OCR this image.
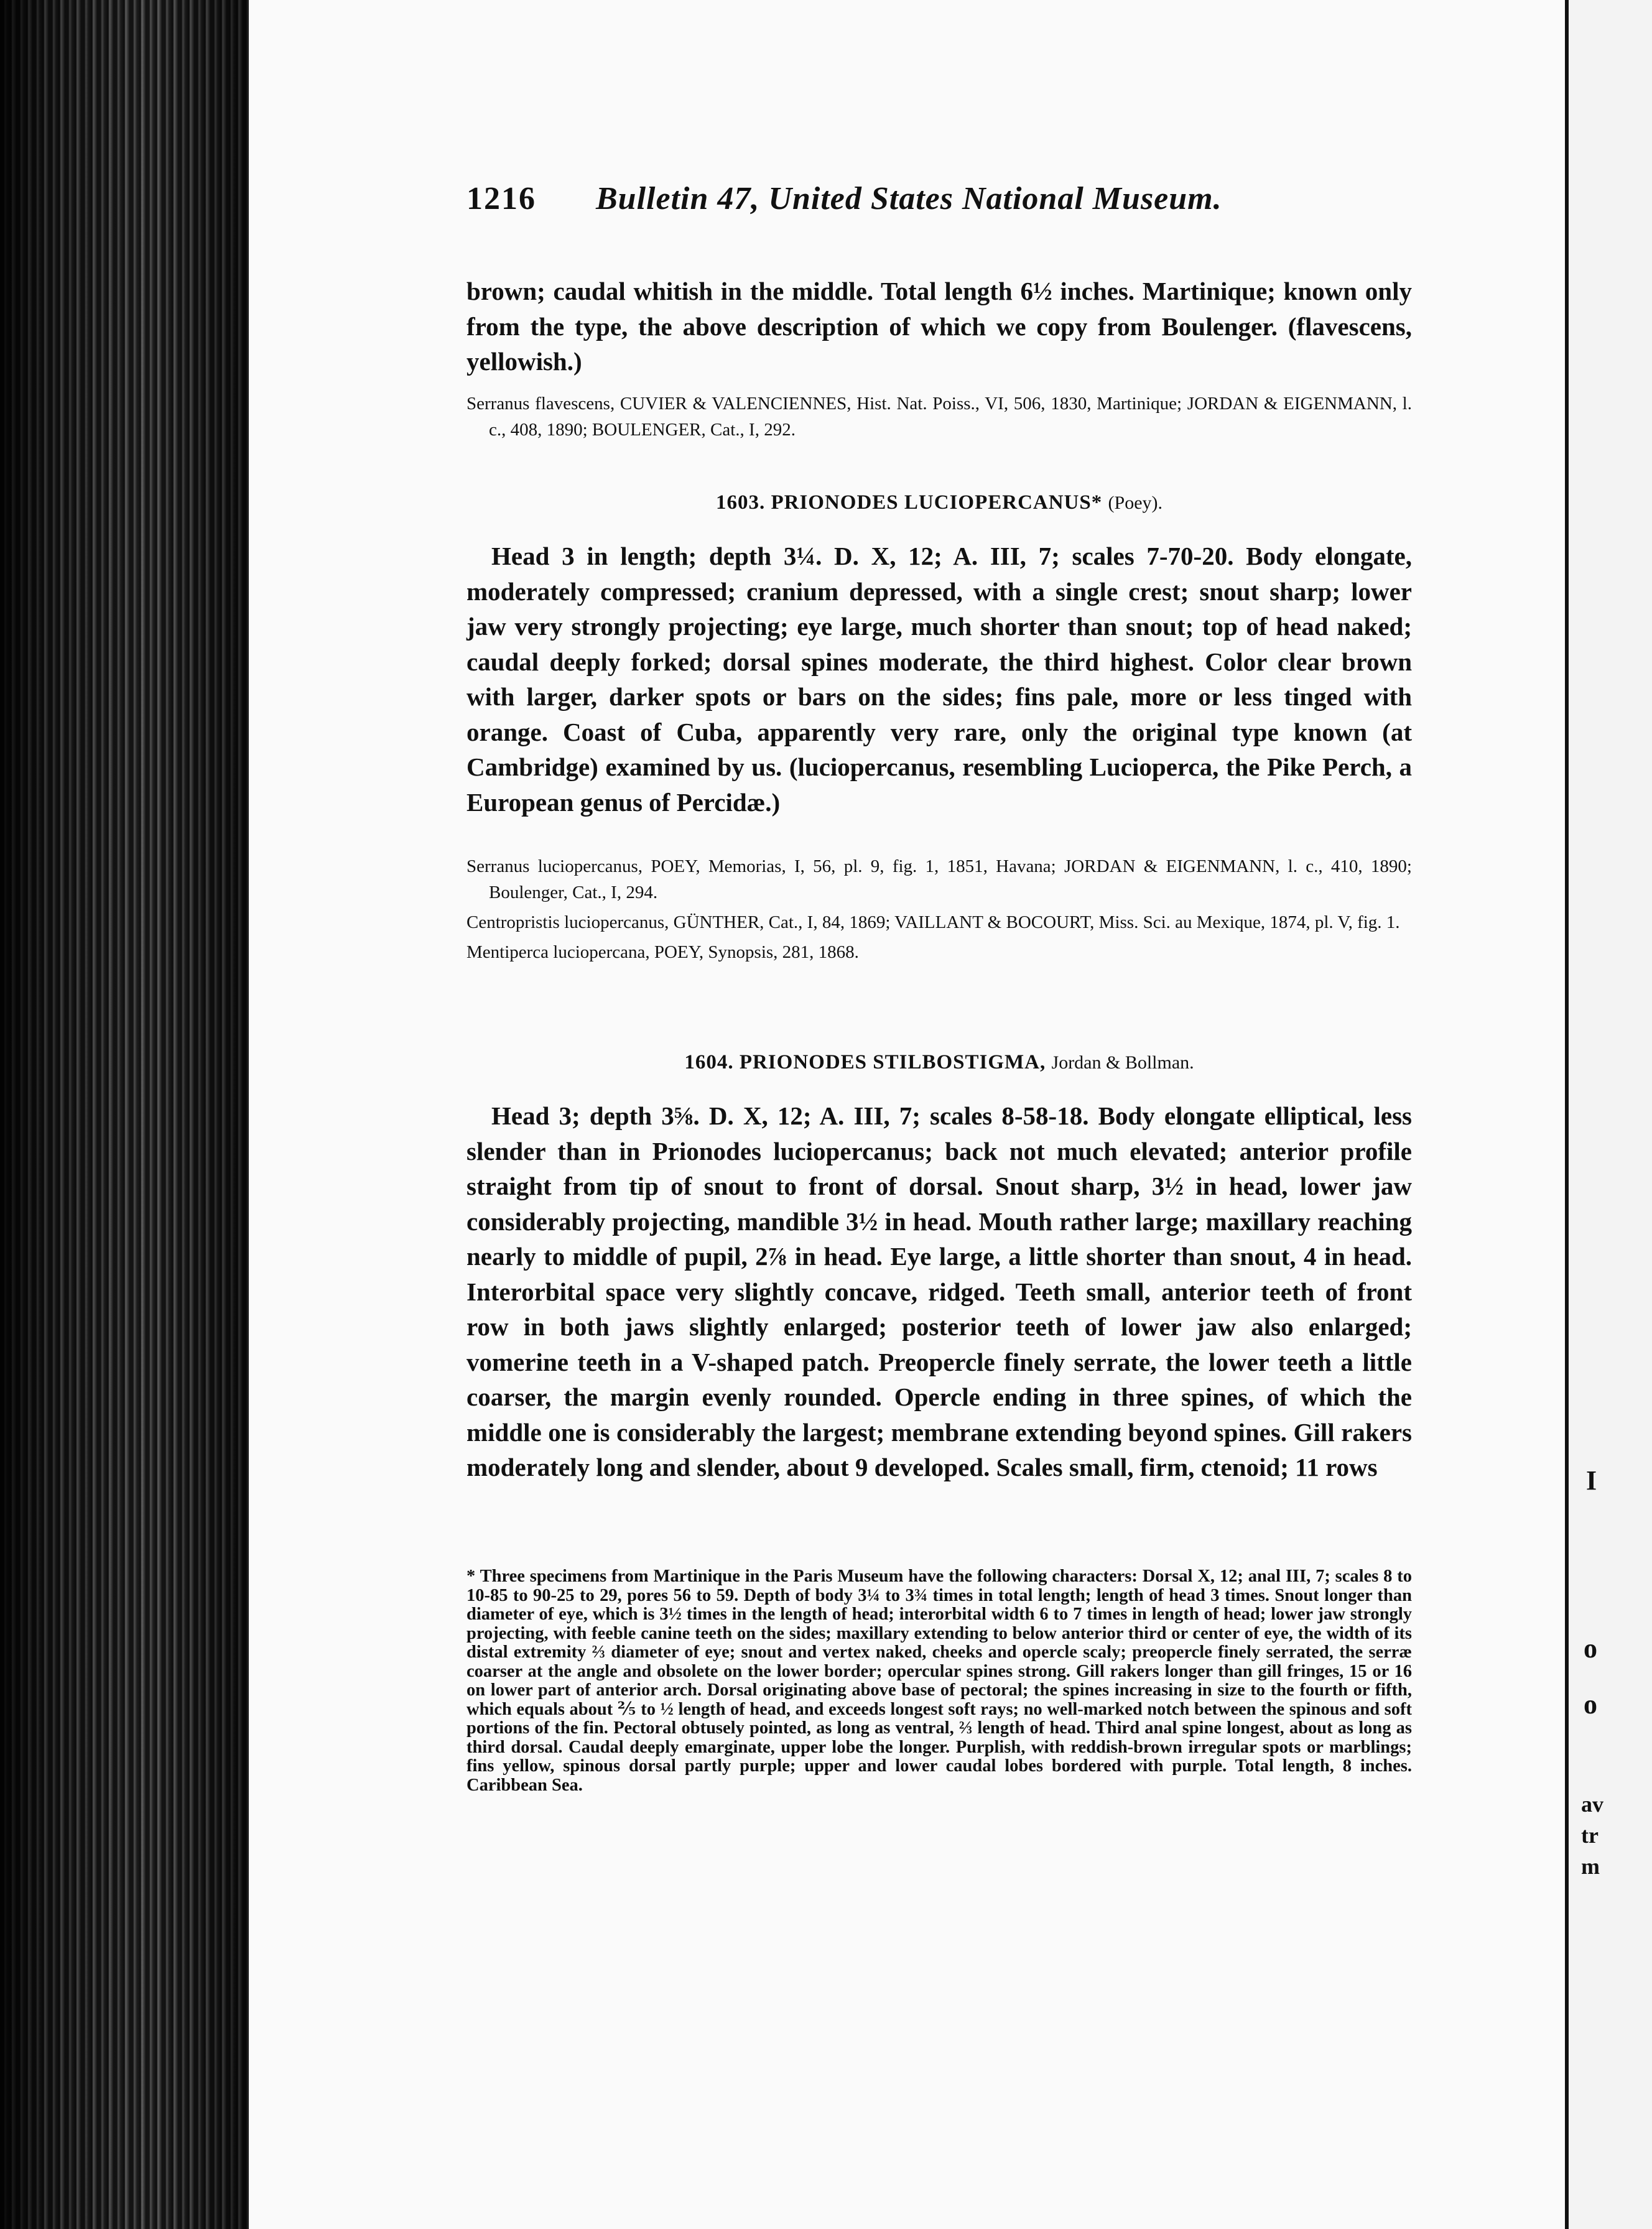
I
o
o
av
tr
m
1216 Bulletin 47, United States National Museum.

brown; caudal whitish in the middle. Total length 6½ inches. Martinique; known only from the type, the above description of which we copy from Boulenger. (flavescens, yellowish.)

Serranus flavescens, CUVIER & VALENCIENNES, Hist. Nat. Poiss., VI, 506, 1830, Martinique; JORDAN & EIGENMANN, l. c., 408, 1890; BOULENGER, Cat., I, 292.

1603. PRIONODES LUCIOPERCANUS* (Poey).

Head 3 in length; depth 3¼. D. X, 12; A. III, 7; scales 7-70-20. Body elongate, moderately compressed; cranium depressed, with a single crest; snout sharp; lower jaw very strongly projecting; eye large, much shorter than snout; top of head naked; caudal deeply forked; dorsal spines moderate, the third highest. Color clear brown with larger, darker spots or bars on the sides; fins pale, more or less tinged with orange. Coast of Cuba, apparently very rare, only the original type known (at Cambridge) examined by us. (luciopercanus, resembling Lucioperca, the Pike Perch, a European genus of Percidæ.)

Serranus luciopercanus, POEY, Memorias, I, 56, pl. 9, fig. 1, 1851, Havana; JORDAN & EIGENMANN, l. c., 410, 1890; Boulenger, Cat., I, 294.

Centropristis luciopercanus, GÜNTHER, Cat., I, 84, 1869; VAILLANT & BOCOURT, Miss. Sci. au Mexique, 1874, pl. V, fig. 1.

Mentiperca luciopercana, POEY, Synopsis, 281, 1868.

1604. PRIONODES STILBOSTIGMA, Jordan & Bollman.

Head 3; depth 3⅝. D. X, 12; A. III, 7; scales 8-58-18. Body elongate elliptical, less slender than in Prionodes luciopercanus; back not much elevated; anterior profile straight from tip of snout to front of dorsal. Snout sharp, 3½ in head, lower jaw considerably projecting, mandible 3½ in head. Mouth rather large; maxillary reaching nearly to middle of pupil, 2⅞ in head. Eye large, a little shorter than snout, 4 in head. Interorbital space very slightly concave, ridged. Teeth small, anterior teeth of front row in both jaws slightly enlarged; posterior teeth of lower jaw also enlarged; vomerine teeth in a V-shaped patch. Preopercle finely serrate, the lower teeth a little coarser, the margin evenly rounded. Opercle ending in three spines, of which the middle one is considerably the largest; membrane extending beyond spines. Gill rakers moderately long and slender, about 9 developed. Scales small, firm, ctenoid; 11 rows

* Three specimens from Martinique in the Paris Museum have the following characters: Dorsal X, 12; anal III, 7; scales 8 to 10-85 to 90-25 to 29, pores 56 to 59. Depth of body 3¼ to 3¾ times in total length; length of head 3 times. Snout longer than diameter of eye, which is 3½ times in the length of head; interorbital width 6 to 7 times in length of head; lower jaw strongly projecting, with feeble canine teeth on the sides; maxillary extending to below anterior third or center of eye, the width of its distal extremity ⅔ diameter of eye; snout and vertex naked, cheeks and opercle scaly; preopercle finely serrated, the serræ coarser at the angle and obsolete on the lower border; opercular spines strong. Gill rakers longer than gill fringes, 15 or 16 on lower part of anterior arch. Dorsal originating above base of pectoral; the spines increasing in size to the fourth or fifth, which equals about ⅖ to ½ length of head, and exceeds longest soft rays; no well-marked notch between the spinous and soft portions of the fin. Pectoral obtusely pointed, as long as ventral, ⅔ length of head. Third anal spine longest, about as long as third dorsal. Caudal deeply emarginate, upper lobe the longer. Purplish, with reddish-brown irregular spots or marblings; fins yellow, spinous dorsal partly purple; upper and lower caudal lobes bordered with purple. Total length, 8 inches. Caribbean Sea.
